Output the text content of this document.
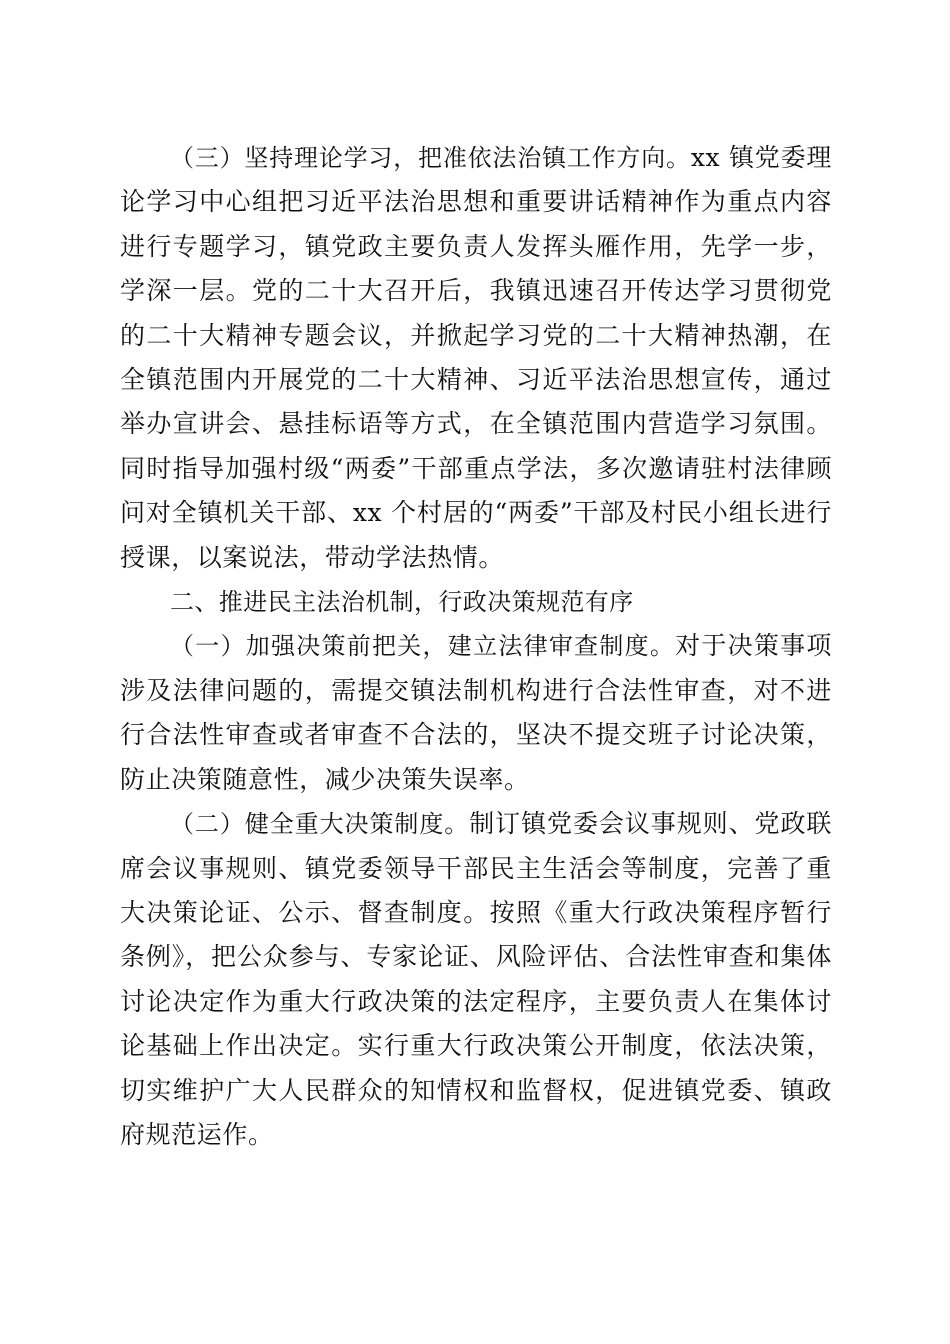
（三）坚持理论学习，把准依法治镇工作方向。xx 镇党委理论学习中心组把习近平法治思想和重要讲话精神作为重点内容进行专题学习，镇党政主要负责人发挥头雁作用，先学一步，学深一层。党的二十大召开后，我镇迅速召开传达学习贯彻党的二十大精神专题会议，并掀起学习党的二十大精神热潮，在全镇范围内开展党的二十大精神、习近平法治思想宣传，通过举办宣讲会、悬挂标语等方式，在全镇范围内营造学习氛围。同时指导加强村级“两委”干部重点学法，多次邀请驻村法律顾问对全镇机关干部、xx 个村居的“两委”干部及村民小组长进行授课，以案说法，带动学法热情。

二、推进民主法治机制，行政决策规范有序

（一）加强决策前把关，建立法律审查制度。对于决策事项涉及法律问题的，需提交镇法制机构进行合法性审查，对不进行合法性审查或者审查不合法的，坚决不提交班子讨论决策，防止决策随意性，减少决策失误率。

（二）健全重大决策制度。制订镇党委会议事规则、党政联席会议事规则、镇党委领导干部民主生活会等制度，完善了重大决策论证、公示、督查制度。按照《重大行政决策程序暂行条例》，把公众参与、专家论证、风险评估、合法性审查和集体讨论决定作为重大行政决策的法定程序，主要负责人在集体讨论基础上作出决定。实行重大行政决策公开制度，依法决策，切实维护广大人民群众的知情权和监督权，促进镇党委、镇政府规范运作。
